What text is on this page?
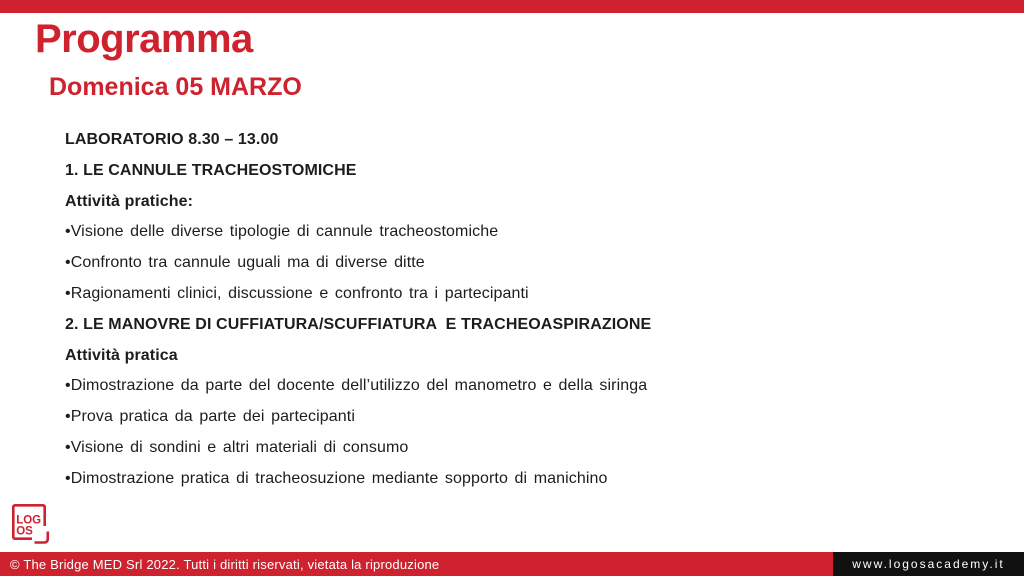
Programma
Domenica 05 MARZO
LABORATORIO 8.30 – 13.00
1. LE CANNULE TRACHEOSTOMICHE
Attività pratiche:
•Visione delle diverse tipologie di cannule tracheostomiche
•Confronto tra cannule uguali ma di diverse ditte
•Ragionamenti clinici, discussione e confronto tra i partecipanti
2. LE MANOVRE DI CUFFIATURA/SCUFFIATURA  E TRACHEOASPIRAZIONE
Attività pratica
•Dimostrazione da parte del docente dell’utilizzo del manometro e della siringa
•Prova pratica da parte dei partecipanti
•Visione di sondini e altri materiali di consumo
•Dimostrazione pratica di tracheosuzione mediante sopporto di manichino
LOG
OS
© The Bridge MED Srl 2022. Tutti i diritti riservati, vietata la riproduzione	www.logosacademy.it
